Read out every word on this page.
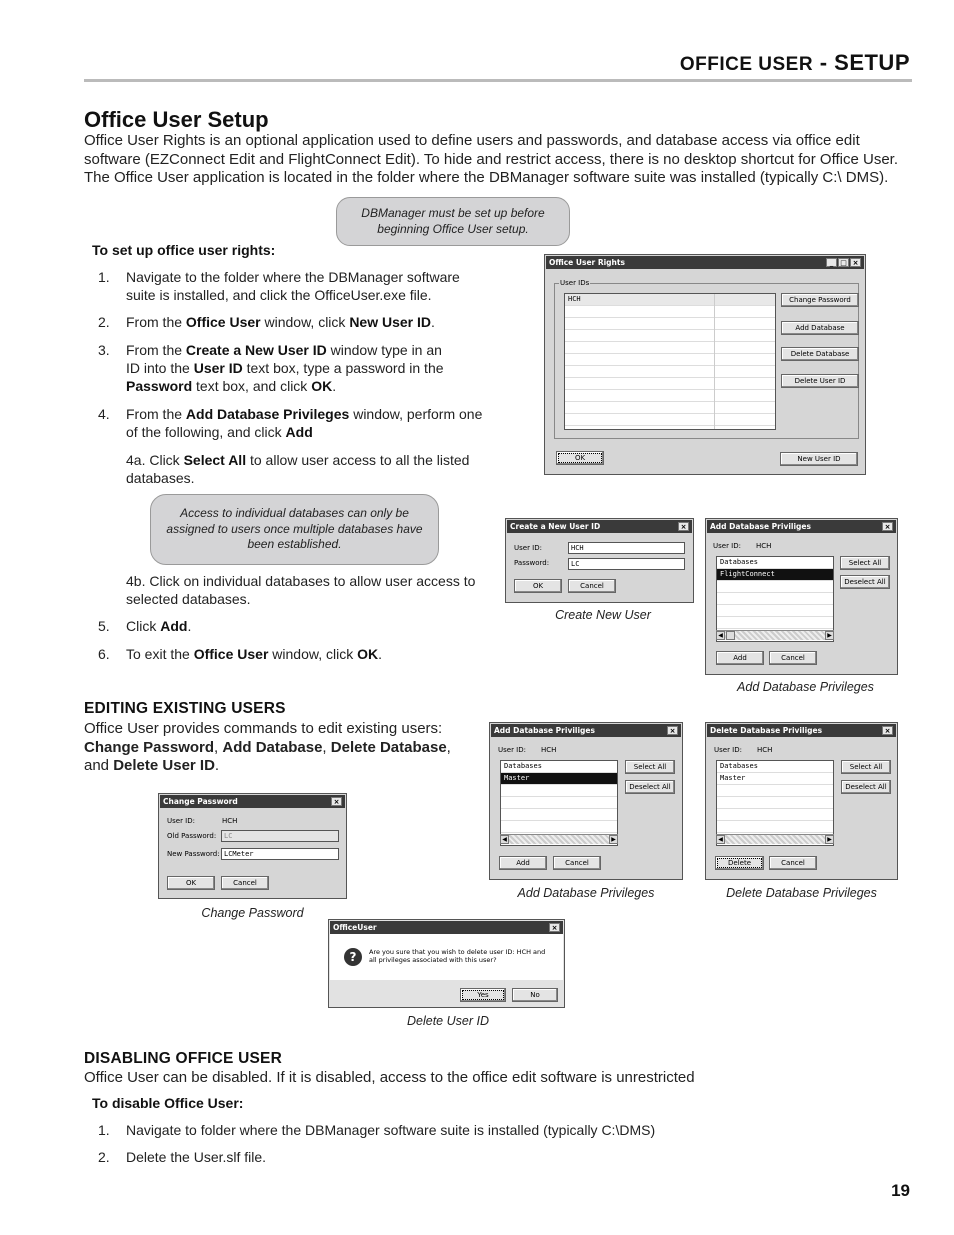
OFFICE USER - SETUP
Office User Setup
Office User Rights is an optional application used to define users and passwords, and database access via office edit software (EZConnect Edit and FlightConnect Edit). To hide and restrict access, there is no desktop shortcut for Office User. The Office User application is located in the folder where the DBManager software suite was installed (typically C:\ DMS).
DBManager must be set up before beginning Office User setup.
To set up office user rights:
1. Navigate to the folder where the DBManager software suite is installed, and click the OfficeUser.exe file.
2. From the Office User window, click New User ID.
3. From the Create a New User ID window type in an ID into the User ID text box, type a password in the Password text box, and click OK.
4. From the Add Database Privileges window, perform one of the following, and click Add
4a. Click Select All to allow user access to all the listed databases.
Access to individual databases can only be assigned to users once multiple databases have been established.
4b. Click on individual databases to allow user access to selected databases.
5. Click Add.
6. To exit the Office User window, click OK.
Office User Rights	_ □ ×
User IDs
HCH	Change Password
Add Database
Delete Database
Delete User ID
OK	New User ID
Create a New User ID	×
User ID:	HCH
Password:	LC
OK	Cancel
Create New User
Add Database Priviliges	×
User ID: HCH
Databases
FlightConnect
◀	▶
Select All
Deselect All
Add	Cancel
Add Database Privileges
EDITING EXISTING USERS
Office User provides commands to edit existing users: Change Password, Add Database, Delete Database, and Delete User ID.
Add Database Priviliges	×
User ID: HCH
Databases
Master
◀	▶
Select All
Deselect All
Add	Cancel
Add Database Privileges
Delete Database Priviliges	×
User ID: HCH
Databases
Master
◀	▶
Select All
Deselect All
Delete	Cancel
Delete Database Privileges
Change Password	×
User ID:	HCH
Old Password:	LC
New Password: LCMeter
OK	Cancel
Change Password
OfficeUser	×
?	Are you sure that you wish to delete user ID: HCH and all privileges associated with this user?
Yes	No
Delete User ID
DISABLING OFFICE USER
Office User can be disabled. If it is disabled, access to the office edit software is unrestricted
To disable Office User:
1. Navigate to folder where the DBManager software suite is installed (typically C:\DMS)
2. Delete the User.slf file.
19
